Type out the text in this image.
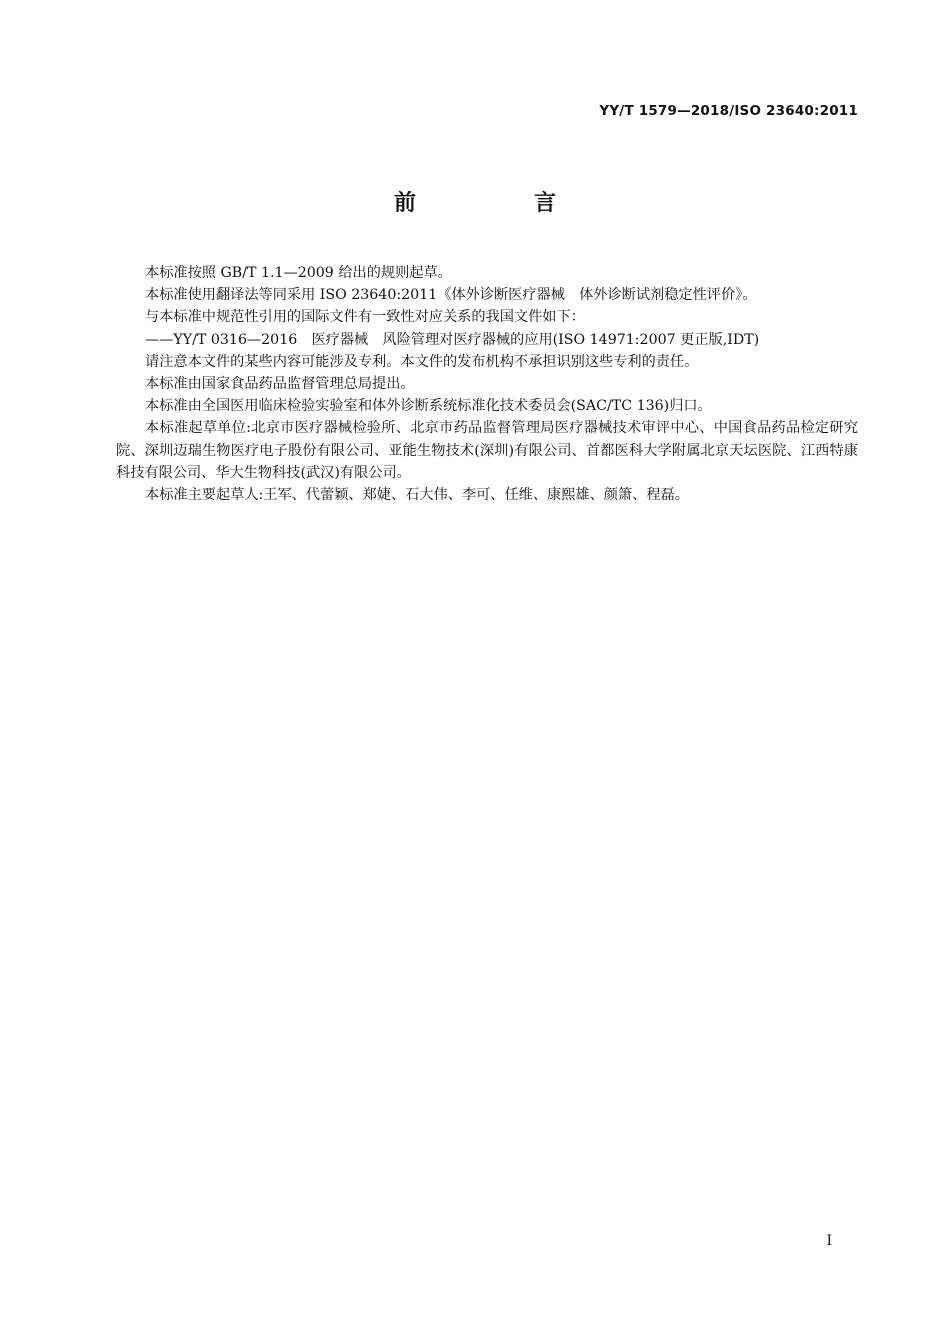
YY/T 1579—2018/ISO 23640:2011
前　言

本标准按照 GB/T 1.1—2009 给出的规则起草。

本标准使用翻译法等同采用 ISO 23640:2011《体外诊断医疗器械　体外诊断试剂稳定性评价》。

与本标准中规范性引用的国际文件有一致性对应关系的我国文件如下：

——YY/T 0316—2016　医疗器械　风险管理对医疗器械的应用(ISO 14971:2007 更正版,IDT)

请注意本文件的某些内容可能涉及专利。本文件的发布机构不承担识别这些专利的责任。

本标准由国家食品药品监督管理总局提出。

本标准由全国医用临床检验实验室和体外诊断系统标准化技术委员会(SAC/TC 136)归口。

本标准起草单位:北京市医疗器械检验所、北京市药品监督管理局医疗器械技术审评中心、中国食品药品检定研究院、深圳迈瑞生物医疗电子股份有限公司、亚能生物技术(深圳)有限公司、首都医科大学附属北京天坛医院、江西特康科技有限公司、华大生物科技(武汉)有限公司。

本标准主要起草人:王军、代蕾颖、郑婕、石大伟、李可、任维、康熙雄、颜箫、程磊。

I
